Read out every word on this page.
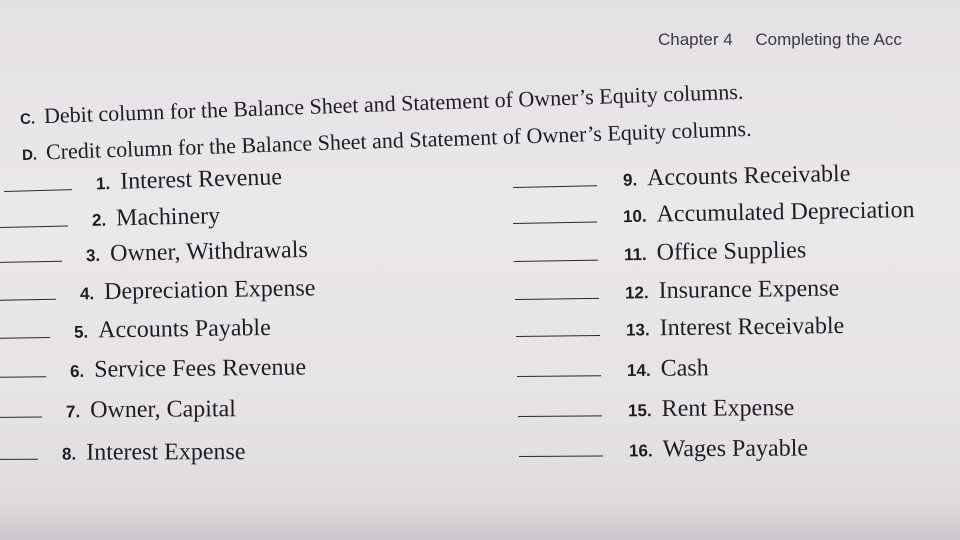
Chapter 4 Completing the Acc
C. Debit column for the Balance Sheet and Statement of Owner’s Equity columns.
D. Credit column for the Balance Sheet and Statement of Owner’s Equity columns.
1. Interest Revenue
2. Machinery
3. Owner, Withdrawals
4. Depreciation Expense
5. Accounts Payable
6. Service Fees Revenue
7. Owner, Capital
8. Interest Expense
9. Accounts Receivable
10. Accumulated Depreciation
11. Office Supplies
12. Insurance Expense
13. Interest Receivable
14. Cash
15. Rent Expense
16. Wages Payable
